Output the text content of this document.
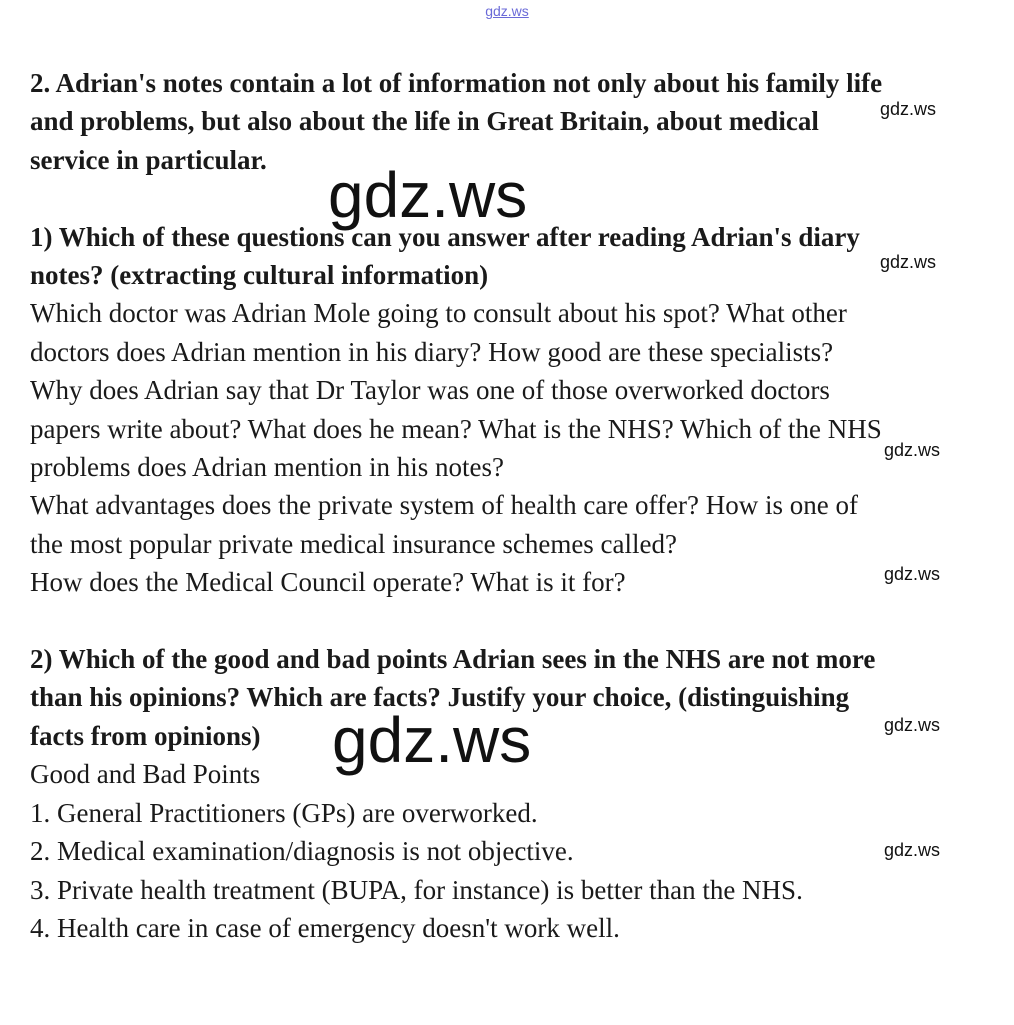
gdz.ws
2. Adrian's notes contain a lot of information not only about his family life
and problems, but also about the life in Great Britain, about medical
service in particular.
1) Which of these questions can you answer after reading Adrian's diary
notes? (extracting cultural information)
Which doctor was Adrian Mole going to consult about his spot? What other
doctors does Adrian mention in his diary? How good are these specialists?
Why does Adrian say that Dr Taylor was one of those overworked doctors
papers write about? What does he mean? What is the NHS? Which of the NHS
problems does Adrian mention in his notes?
What advantages does the private system of health care offer? How is one of
the most popular private medical insurance schemes called?
How does the Medical Council operate? What is it for?
2) Which of the good and bad points Adrian sees in the NHS are not more
than his opinions? Which are facts? Justify your choice, (distinguishing
facts from opinions)
Good and Bad Points
1. General Practitioners (GPs) are overworked.
2. Medical examination/diagnosis is not objective.
3. Private health treatment (BUPA, for instance) is better than the NHS.
4. Health care in case of emergency doesn't work well.
gdz.ws
gdz.ws
gdz.ws
gdz.ws
gdz.ws
gdz.ws
gdz.ws
gdz.ws
